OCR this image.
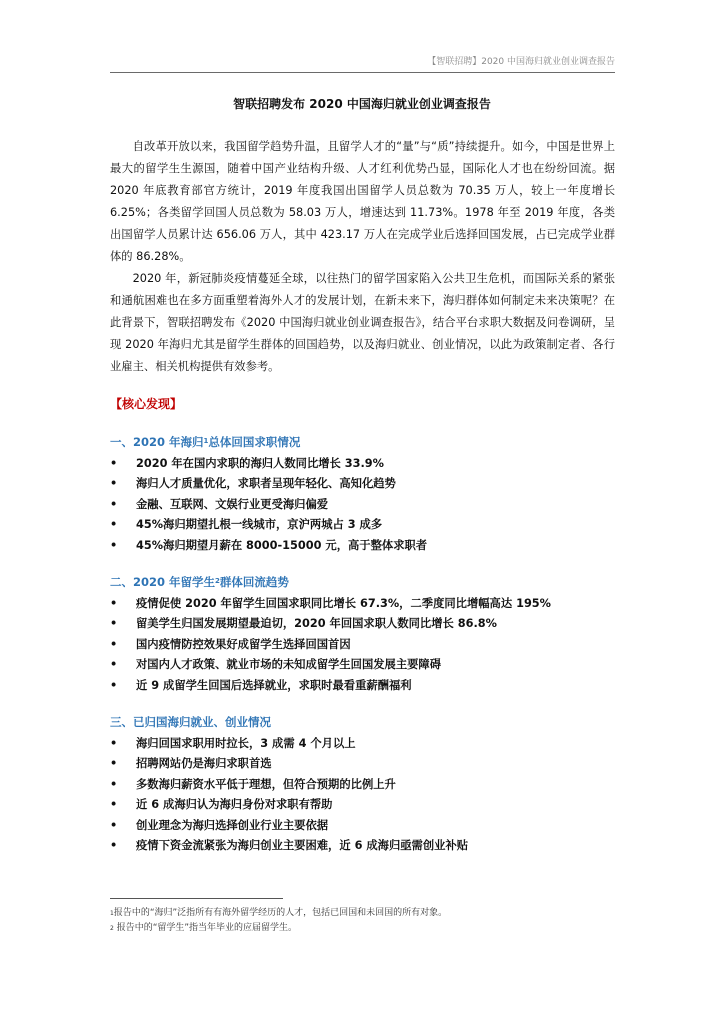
【智联招聘】2020 中国海归就业创业调查报告
智联招聘发布 2020 中国海归就业创业调查报告

自改革开放以来，我国留学趋势升温，且留学人才的“量”与“质”持续提升。如今，中国是世界上最大的留学生生源国，随着中国产业结构升级、人才红利优势凸显，国际化人才也在纷纷回流。据 2020 年底教育部官方统计，2019 年度我国出国留学人员总数为 70.35 万人，较上一年度增长 6.25%；各类留学回国人员总数为 58.03 万人，增速达到 11.73%。1978 年至 2019 年度，各类出国留学人员累计达 656.06 万人，其中 423.17 万人在完成学业后选择回国发展，占已完成学业群体的 86.28%。

2020 年，新冠肺炎疫情蔓延全球，以往热门的留学国家陷入公共卫生危机，而国际关系的紧张和通航困难也在多方面重塑着海外人才的发展计划，在新未来下，海归群体如何制定未来决策呢？在此背景下，智联招聘发布《2020 中国海归就业创业调查报告》，结合平台求职大数据及问卷调研，呈现 2020 年海归尤其是留学生群体的回国趋势，以及海归就业、创业情况，以此为政策制定者、各行业雇主、相关机构提供有效参考。

【核心发现】
一、2020 年海归$^1$总体回国求职情况
• 2020 年在国内求职的海归人数同比增长 33.9%
• 海归人才质量优化，求职者呈现年轻化、高知化趋势
• 金融、互联网、文娱行业更受海归偏爱
• 45%海归期望扎根一线城市，京沪两城占 3 成多
• 45%海归期望月薪在 8000-15000 元，高于整体求职者
二、2020 年留学生$^2$群体回流趋势
• 疫情促使 2020 年留学生回国求职同比增长 67.3%，二季度同比增幅高达 195%
• 留美学生归国发展期望最迫切，2020 年回国求职人数同比增长 86.8%
• 国内疫情防控效果好成留学生选择回国首因
• 对国内人才政策、就业市场的未知成留学生回国发展主要障碍
• 近 9 成留学生回国后选择就业，求职时最看重薪酬福利
三、已归国海归就业、创业情况
• 海归回国求职用时拉长，3 成需 4 个月以上
• 招聘网站仍是海归求职首选
• 多数海归薪资水平低于理想，但符合预期的比例上升
• 近 6 成海归认为海归身份对求职有帮助
• 创业理念为海归选择创业行业主要依据
• 疫情下资金流紧张为海归创业主要困难，近 6 成海归亟需创业补贴
$^1$报告中的“海归”泛指所有有海外留学经历的人才，包括已回国和未回国的所有对象。
$^2$ 报告中的“留学生”指当年毕业的应届留学生。
